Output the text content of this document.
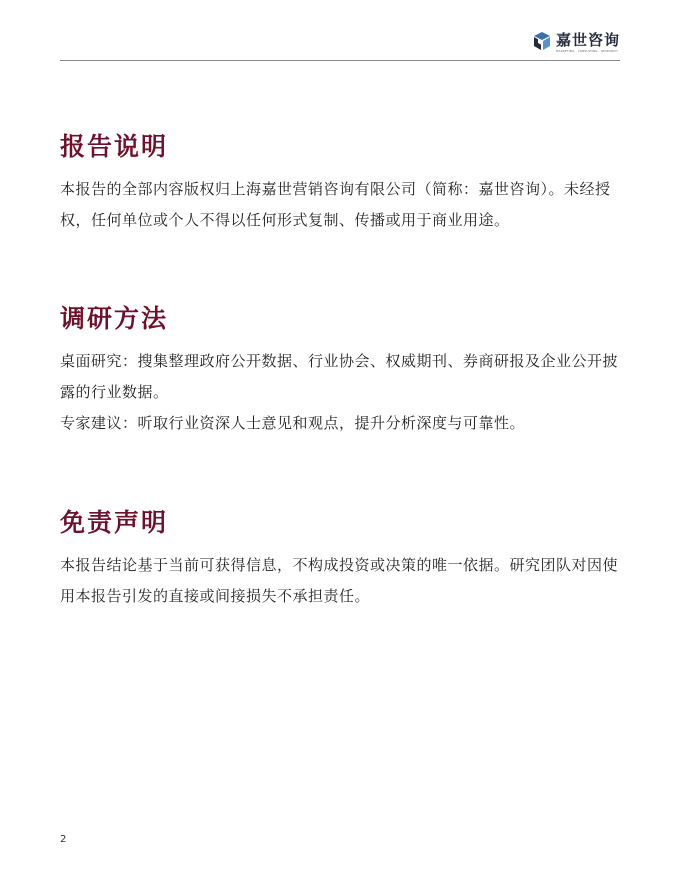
嘉世咨询
MARKETING · CONSULTING · RESEARCH
报告说明

本报告的全部内容版权归上海嘉世营销咨询有限公司（简称：嘉世咨询）。未经授权，任何单位或个人不得以任何形式复制、传播或用于商业用途。

调研方法

桌面研究：搜集整理政府公开数据、行业协会、权威期刊、券商研报及企业公开披露的行业数据。

专家建议：听取行业资深人士意见和观点，提升分析深度与可靠性。

免责声明

本报告结论基于当前可获得信息，不构成投资或决策的唯一依据。研究团队对因使用本报告引发的直接或间接损失不承担责任。

2
